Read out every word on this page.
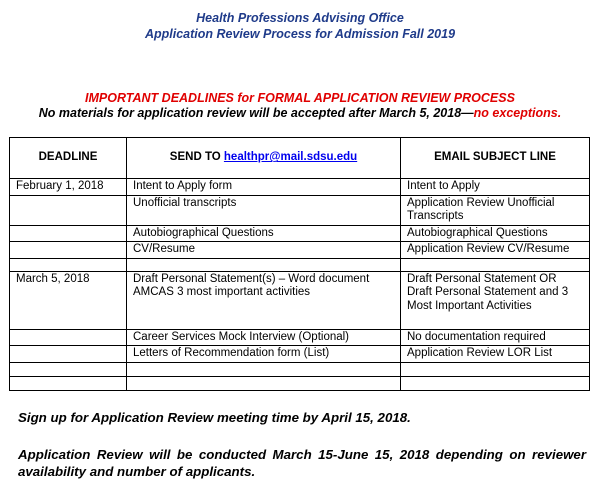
Health Professions Advising Office
Application Review Process for Admission Fall 2019
IMPORTANT DEADLINES for FORMAL APPLICATION REVIEW PROCESS
No materials for application review will be accepted after March 5, 2018—no exceptions.
DEADLINE	SEND TO healthpr@mail.sdsu.edu	EMAIL SUBJECT LINE
February 1, 2018	Intent to Apply form	Intent to Apply
	Unofficial transcripts	Application Review Unofficial Transcripts
	Autobiographical Questions	Autobiographical Questions
	CV/Resume	Application Review CV/Resume

March 5, 2018	Draft Personal Statement(s) – Word document AMCAS 3 most important activities	Draft Personal Statement OR Draft Personal Statement and 3 Most Important Activities
	Career Services Mock Interview (Optional)	No documentation required
	Letters of Recommendation form (List)	Application Review LOR List

Sign up for Application Review meeting time by April 15, 2018.
Application Review will be conducted March 15-June 15, 2018 depending on reviewer availability and number of applicants.
